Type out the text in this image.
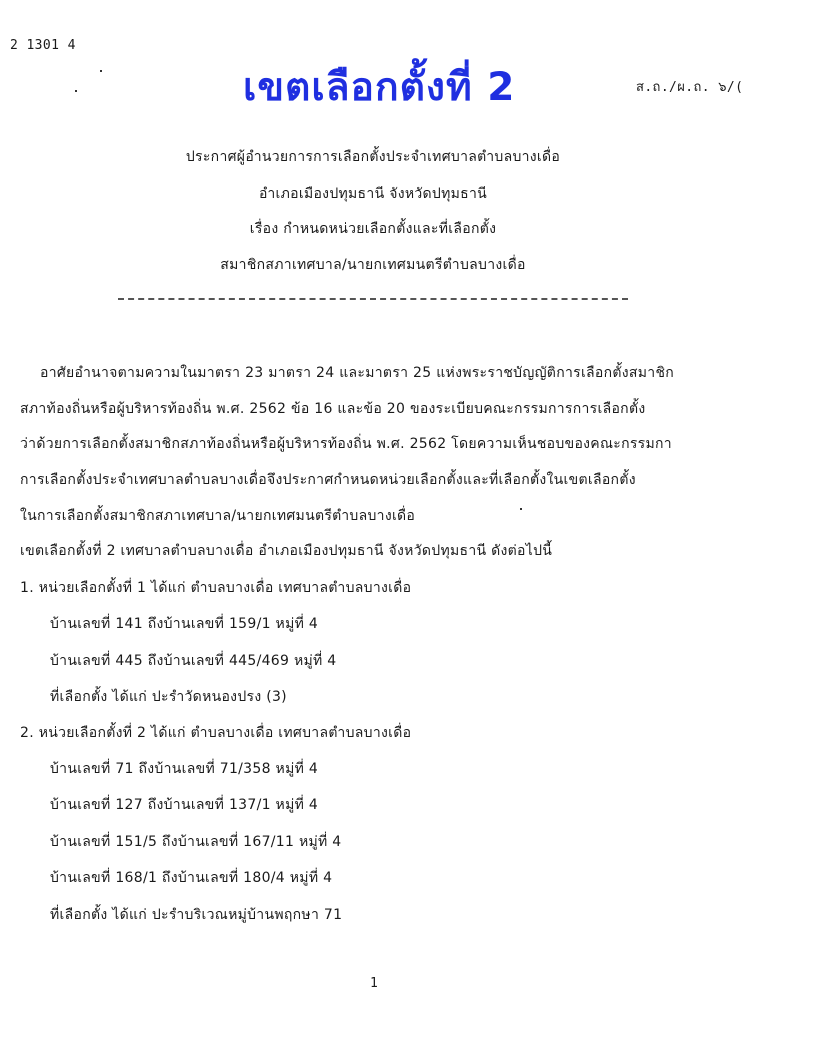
2 1301 4
เขตเลือกตั้งที่ 2	ส.ถ./ผ.ถ. ๖/(
ประกาศผู้อำนวยการการเลือกตั้งประจำเทศบาลตำบลบางเดื่อ
อำเภอเมืองปทุมธานี จังหวัดปทุมธานี
เรื่อง กำหนดหน่วยเลือกตั้งและที่เลือกตั้ง
สมาชิกสภาเทศบาล/นายกเทศมนตรีตำบลบางเดื่อ
อาศัยอำนาจตามความในมาตรา 23 มาตรา 24 และมาตรา 25 แห่งพระราชบัญญัติการเลือกตั้งสมาชิก
สภาท้องถิ่นหรือผู้บริหารท้องถิ่น พ.ศ. 2562 ข้อ 16 และข้อ 20 ของระเบียบคณะกรรมการการเลือกตั้ง
ว่าด้วยการเลือกตั้งสมาชิกสภาท้องถิ่นหรือผู้บริหารท้องถิ่น พ.ศ. 2562 โดยความเห็นชอบของคณะกรรมกา
การเลือกตั้งประจำเทศบาลตำบลบางเดื่อจึงประกาศกำหนดหน่วยเลือกตั้งและที่เลือกตั้งในเขตเลือกตั้ง
ในการเลือกตั้งสมาชิกสภาเทศบาล/นายกเทศมนตรีตำบลบางเดื่อ
เขตเลือกตั้งที่ 2 เทศบาลตำบลบางเดื่อ อำเภอเมืองปทุมธานี จังหวัดปทุมธานี ดังต่อไปนี้
1. หน่วยเลือกตั้งที่ 1 ได้แก่ ตำบลบางเดื่อ เทศบาลตำบลบางเดื่อ
บ้านเลขที่ 141 ถึงบ้านเลขที่ 159/1 หมู่ที่ 4
บ้านเลขที่ 445 ถึงบ้านเลขที่ 445/469 หมู่ที่ 4
ที่เลือกตั้ง ได้แก่ ปะรำวัดหนองปรง (3)
2. หน่วยเลือกตั้งที่ 2 ได้แก่ ตำบลบางเดื่อ เทศบาลตำบลบางเดื่อ
บ้านเลขที่ 71 ถึงบ้านเลขที่ 71/358 หมู่ที่ 4
บ้านเลขที่ 127 ถึงบ้านเลขที่ 137/1 หมู่ที่ 4
บ้านเลขที่ 151/5 ถึงบ้านเลขที่ 167/11 หมู่ที่ 4
บ้านเลขที่ 168/1 ถึงบ้านเลขที่ 180/4 หมู่ที่ 4
ที่เลือกตั้ง ได้แก่ ปะรำบริเวณหมู่บ้านพฤกษา 71
1
